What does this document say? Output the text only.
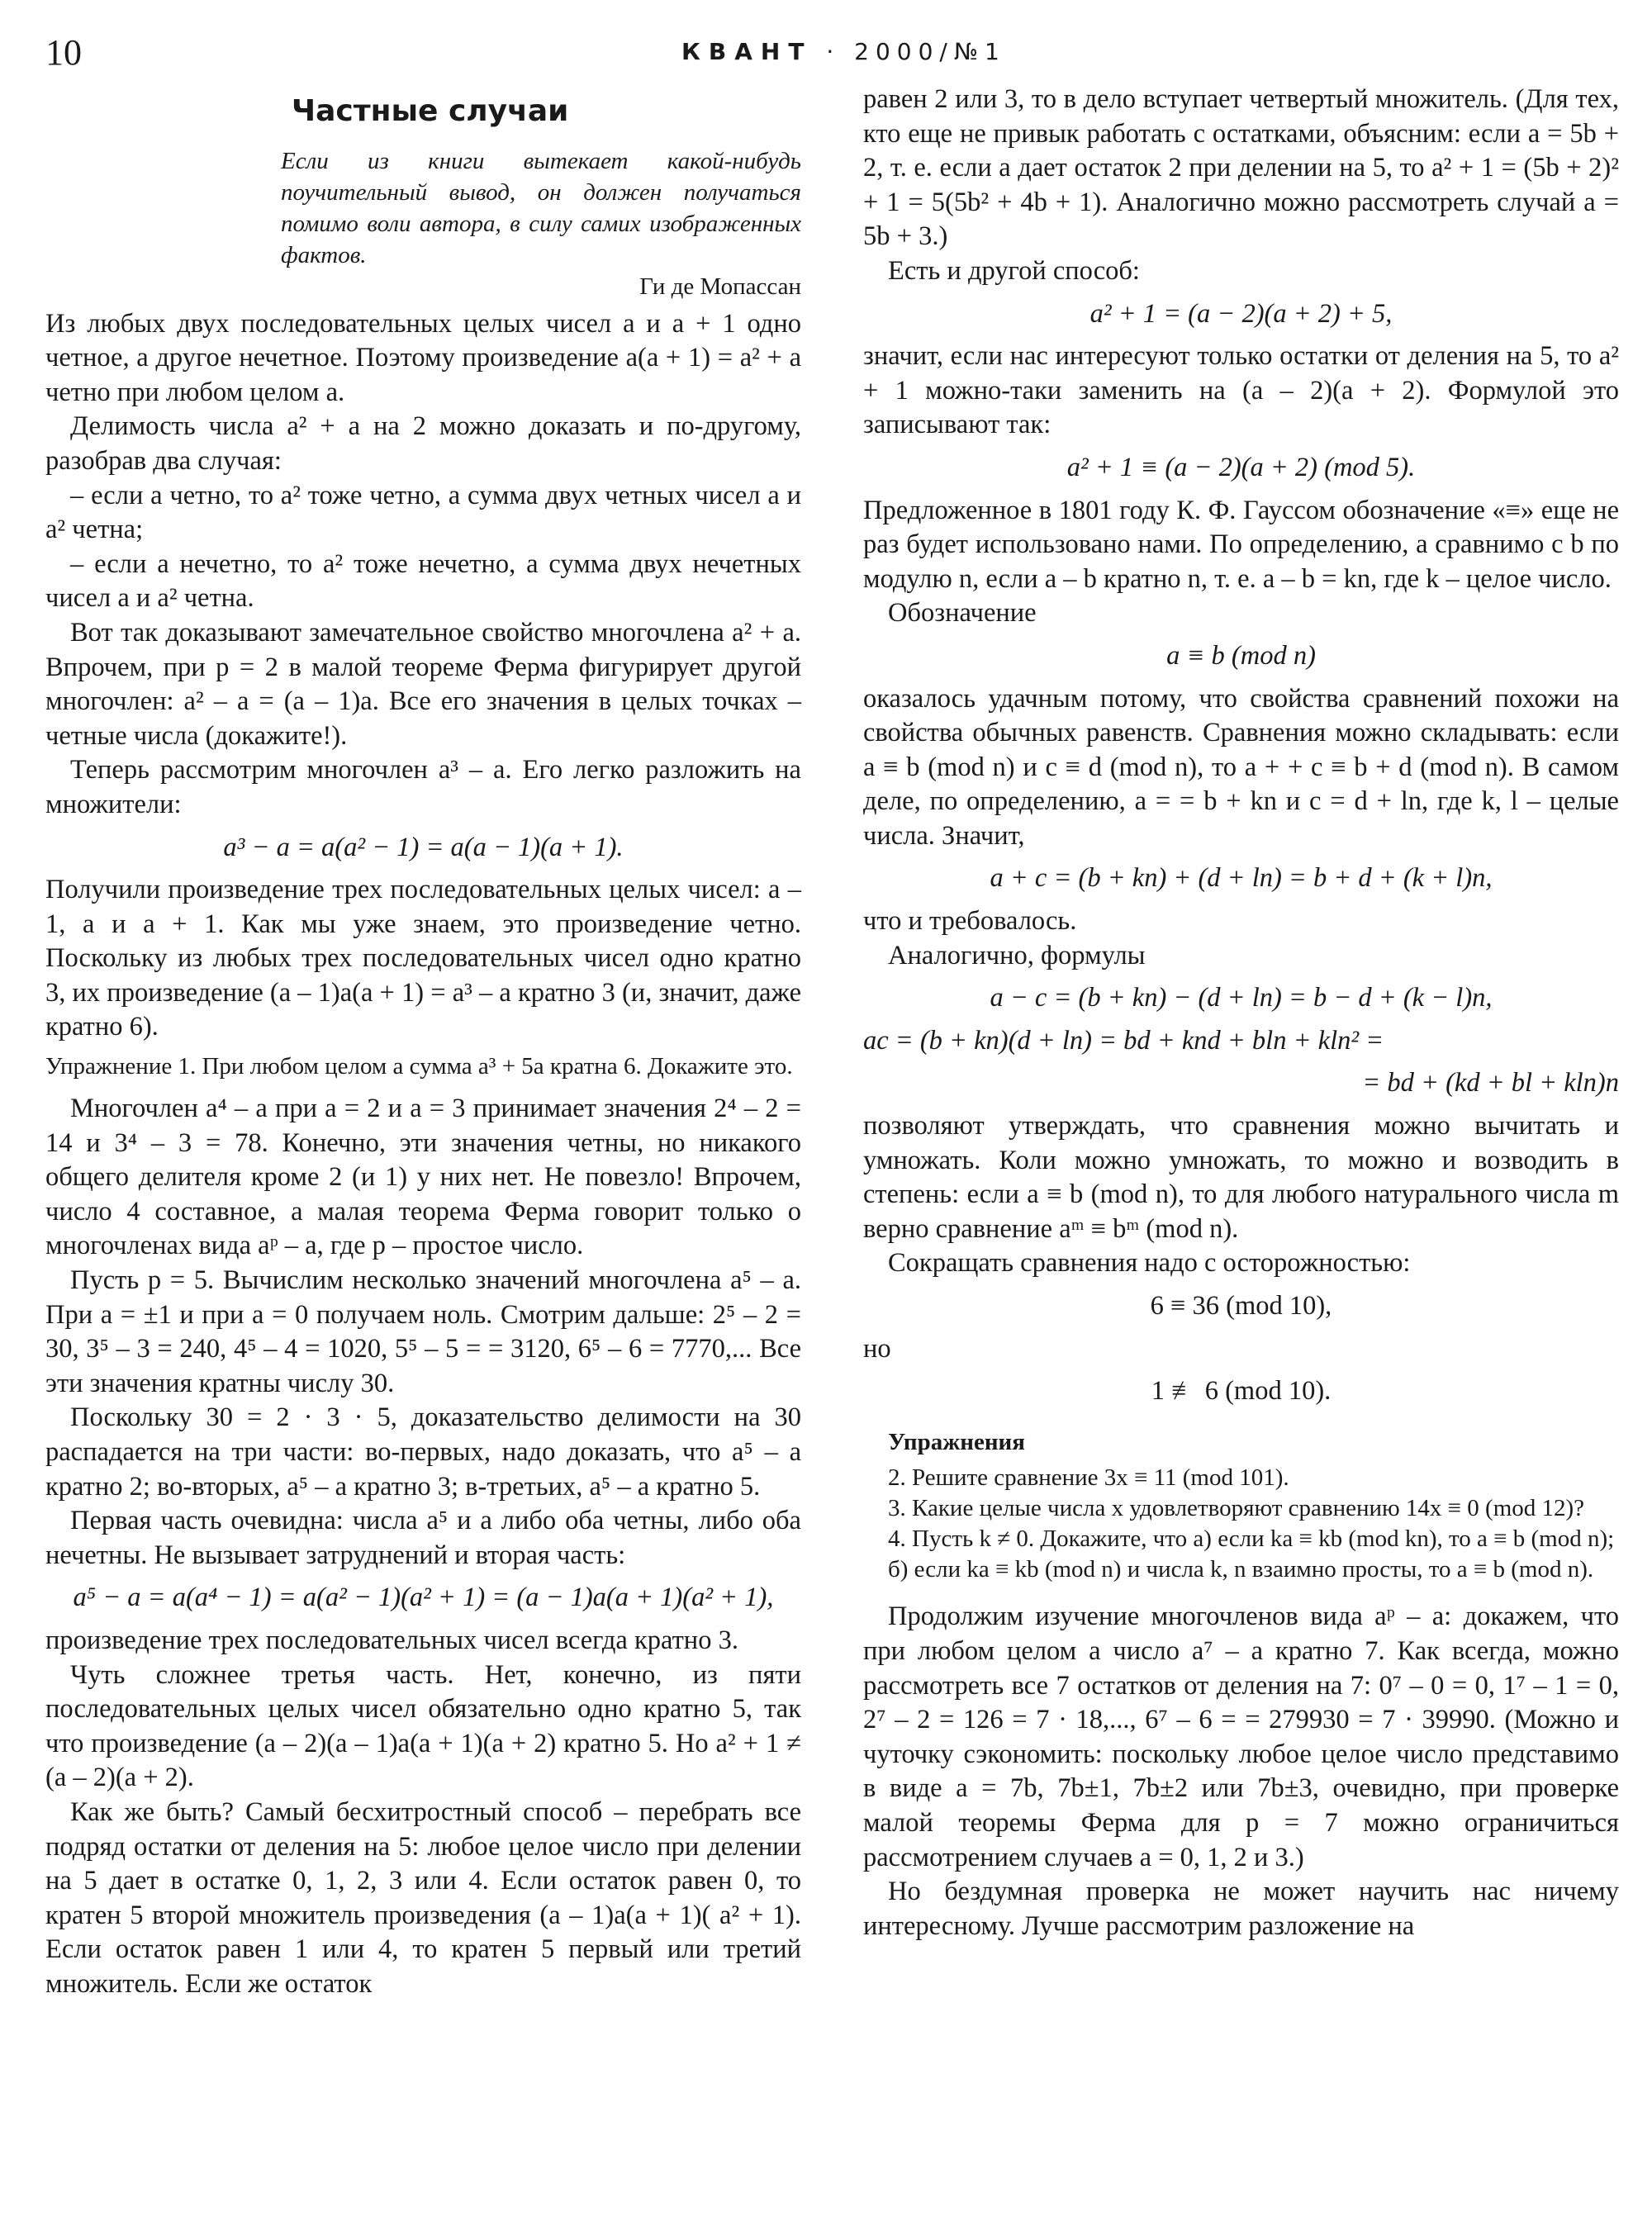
10	КВАНТ · 2000/№1
Частные случаи
Если из книги вытекает какой-нибудь поучительный вывод, он должен получаться помимо воли автора, в силу самих изображенных фактов.
Ги де Мопассан

Из любых двух последовательных целых чисел a и a + 1 одно четное, а другое нечетное. Поэтому произведение a(a + 1) = a² + a четно при любом целом a.

Делимость числа a² + a на 2 можно доказать и по-другому, разобрав два случая:

– если a четно, то a² тоже четно, а сумма двух четных чисел a и a² четна;

– если a нечетно, то a² тоже нечетно, а сумма двух нечетных чисел a и a² четна.

Вот так доказывают замечательное свойство многочлена a² + a. Впрочем, при p = 2 в малой теореме Ферма фигурирует другой многочлен: a² – a = (a – 1)a. Все его значения в целых точках – четные числа (докажите!).

Теперь рассмотрим многочлен a³ – a. Его легко разложить на множители:

a³ − a = a(a² − 1) = a(a − 1)(a + 1).

Получили произведение трех последовательных целых чисел: a – 1, a и a + 1. Как мы уже знаем, это произведение четно. Поскольку из любых трех последовательных чисел одно кратно 3, их произведение (a – 1)a(a + 1) = a³ – a кратно 3 (и, значит, даже кратно 6).

Упражнение 1. При любом целом a сумма a³ + 5a кратна 6. Докажите это.

Многочлен a⁴ – a при a = 2 и a = 3 принимает значения 2⁴ – 2 = 14 и 3⁴ – 3 = 78. Конечно, эти значения четны, но никакого общего делителя кроме 2 (и 1) у них нет. Не повезло! Впрочем, число 4 составное, а малая теорема Ферма говорит только о многочленах вида aᵖ – a, где p – простое число.

Пусть p = 5. Вычислим несколько значений многочлена a⁵ – a. При a = ±1 и при a = 0 получаем ноль. Смотрим дальше: 2⁵ – 2 = 30, 3⁵ – 3 = 240, 4⁵ – 4 = 1020, 5⁵ – 5 = = 3120, 6⁵ – 6 = 7770,... Все эти значения кратны числу 30.

Поскольку 30 = 2 · 3 · 5, доказательство делимости на 30 распадается на три части: во-первых, надо доказать, что a⁵ – a кратно 2; во-вторых, a⁵ – a кратно 3; в-третьих, a⁵ – a кратно 5.

Первая часть очевидна: числа a⁵ и a либо оба четны, либо оба нечетны. Не вызывает затруднений и вторая часть:

a⁵ − a = a(a⁴ − 1) = a(a² − 1)(a² + 1) = (a − 1)a(a + 1)(a² + 1),

произведение трех последовательных чисел всегда кратно 3.

Чуть сложнее третья часть. Нет, конечно, из пяти последовательных целых чисел обязательно одно кратно 5, так что произведение (a – 2)(a – 1)a(a + 1)(a + 2) кратно 5. Но a² + 1 ≠ (a – 2)(a + 2).

Как же быть? Самый бесхитростный способ – перебрать все подряд остатки от деления на 5: любое целое число при делении на 5 дает в остатке 0, 1, 2, 3 или 4. Если остаток равен 0, то кратен 5 второй множитель произведения (a – 1)a(a + 1)( a² + 1). Если остаток равен 1 или 4, то кратен 5 первый или третий множитель. Если же остаток

равен 2 или 3, то в дело вступает четвертый множитель. (Для тех, кто еще не привык работать с остатками, объясним: если a = 5b + 2, т. е. если a дает остаток 2 при делении на 5, то a² + 1 = (5b + 2)² + 1 = 5(5b² + 4b + 1). Аналогично можно рассмотреть случай a = 5b + 3.)

Есть и другой способ:

a² + 1 = (a − 2)(a + 2) + 5,

значит, если нас интересуют только остатки от деления на 5, то a² + 1 можно-таки заменить на (a – 2)(a + 2). Формулой это записывают так:

a² + 1 ≡ (a − 2)(a + 2) (mod 5).

Предложенное в 1801 году К. Ф. Гауссом обозначение «≡» еще не раз будет использовано нами. По определению, a сравнимо с b по модулю n, если a – b кратно n, т. е. a – b = kn, где k – целое число.

Обозначение

a ≡ b (mod n)

оказалось удачным потому, что свойства сравнений похожи на свойства обычных равенств. Сравнения можно складывать: если a ≡ b (mod n) и c ≡ d (mod n), то a + + c ≡ b + d (mod n). В самом деле, по определению, a = = b + kn и c = d + ln, где k, l – целые числа. Значит,

a + c = (b + kn) + (d + ln) = b + d + (k + l)n,

что и требовалось.

Аналогично, формулы

a − c = (b + kn) − (d + ln) = b − d + (k − l)n,
ac = (b + kn)(d + ln) = bd + knd + bln + kln² =
= bd + (kd + bl + kln)n

позволяют утверждать, что сравнения можно вычитать и умножать. Коли можно умножать, то можно и возводить в степень: если a ≡ b (mod n), то для любого натурального числа m верно сравнение aᵐ ≡ bᵐ (mod n).

Сокращать сравнения надо с осторожностью:

6 ≡ 36 (mod 10),

но

1 ≢ 6 (mod 10).
Упражнения

2. Решите сравнение 3x ≡ 11 (mod 101).

3. Какие целые числа x удовлетворяют сравнению 14x ≡ 0 (mod 12)?

4. Пусть k ≠ 0. Докажите, что а) если ka ≡ kb (mod kn), то a ≡ b (mod n);

б) если ka ≡ kb (mod n) и числа k, n взаимно просты, то a ≡ b (mod n).

Продолжим изучение многочленов вида aᵖ – a: докажем, что при любом целом a число a⁷ – a кратно 7. Как всегда, можно рассмотреть все 7 остатков от деления на 7: 0⁷ – 0 = 0, 1⁷ – 1 = 0, 2⁷ – 2 = 126 = 7 · 18,..., 6⁷ – 6 = = 279930 = 7 · 39990. (Можно и чуточку сэкономить: поскольку любое целое число представимо в виде a = 7b, 7b±1, 7b±2 или 7b±3, очевидно, при проверке малой теоремы Ферма для p = 7 можно ограничиться рассмотрением случаев a = 0, 1, 2 и 3.)

Но бездумная проверка не может научить нас ничему интересному. Лучше рассмотрим разложение на
